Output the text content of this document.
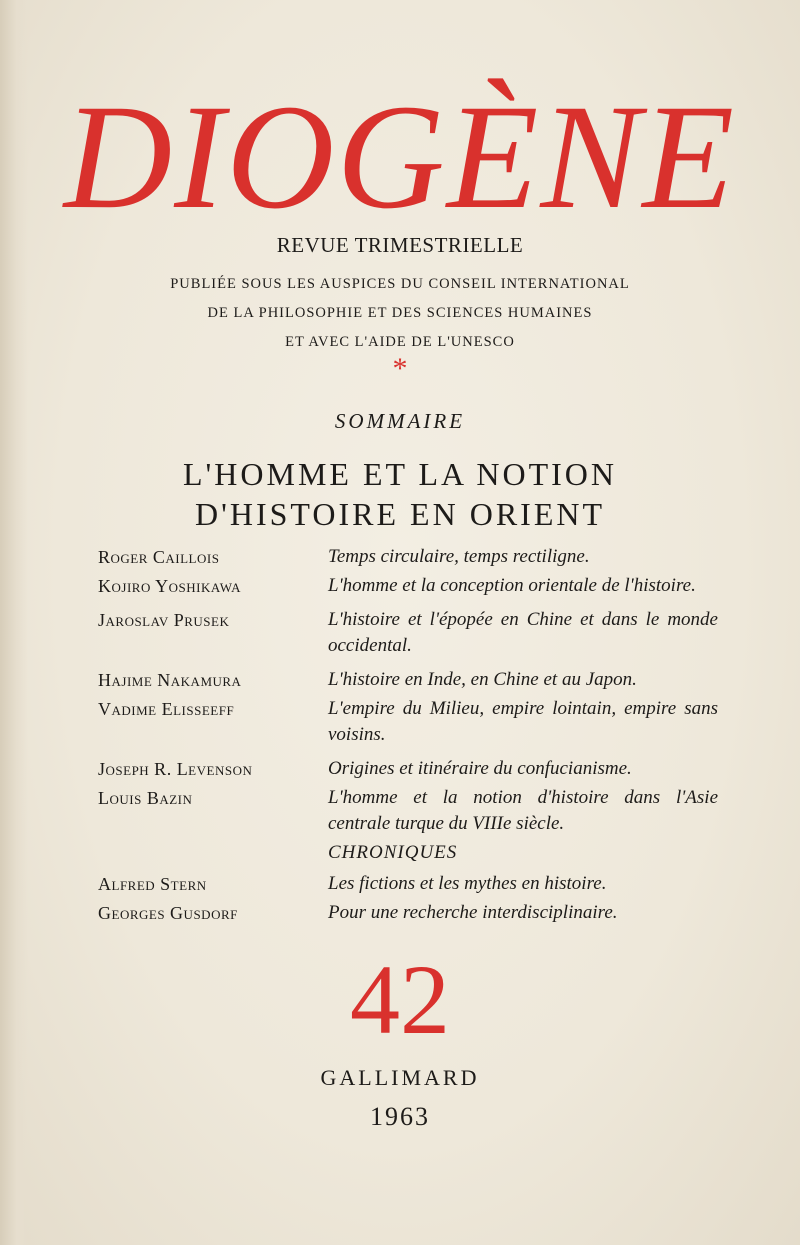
DIOGÈNE
REVUE TRIMESTRIELLE
PUBLIÉE SOUS LES AUSPICES DU CONSEIL INTERNATIONAL
DE LA PHILOSOPHIE ET DES SCIENCES HUMAINES
ET AVEC L'AIDE DE L'UNESCO
*
SOMMAIRE
L'HOMME ET LA NOTION
D'HISTOIRE EN ORIENT
Roger Caillois	Temps circulaire, temps rectiligne.
Kojiro Yoshikawa	L'homme et la conception orientale de l'histoire.
Jaroslav Prusek	L'histoire et l'épopée en Chine et dans le monde occidental.
Hajime Nakamura	L'histoire en Inde, en Chine et au Japon.
Vadime Elisseeff	L'empire du Milieu, empire lointain, empire sans voisins.
Joseph R. Levenson	Origines et itinéraire du confucianisme.
Louis Bazin	L'homme et la notion d'histoire dans l'Asie centrale turque du VIIIe siècle.
CHRONIQUES
Alfred Stern	Les fictions et les mythes en histoire.
Georges Gusdorf	Pour une recherche interdisciplinaire.
42
GALLIMARD
1963
